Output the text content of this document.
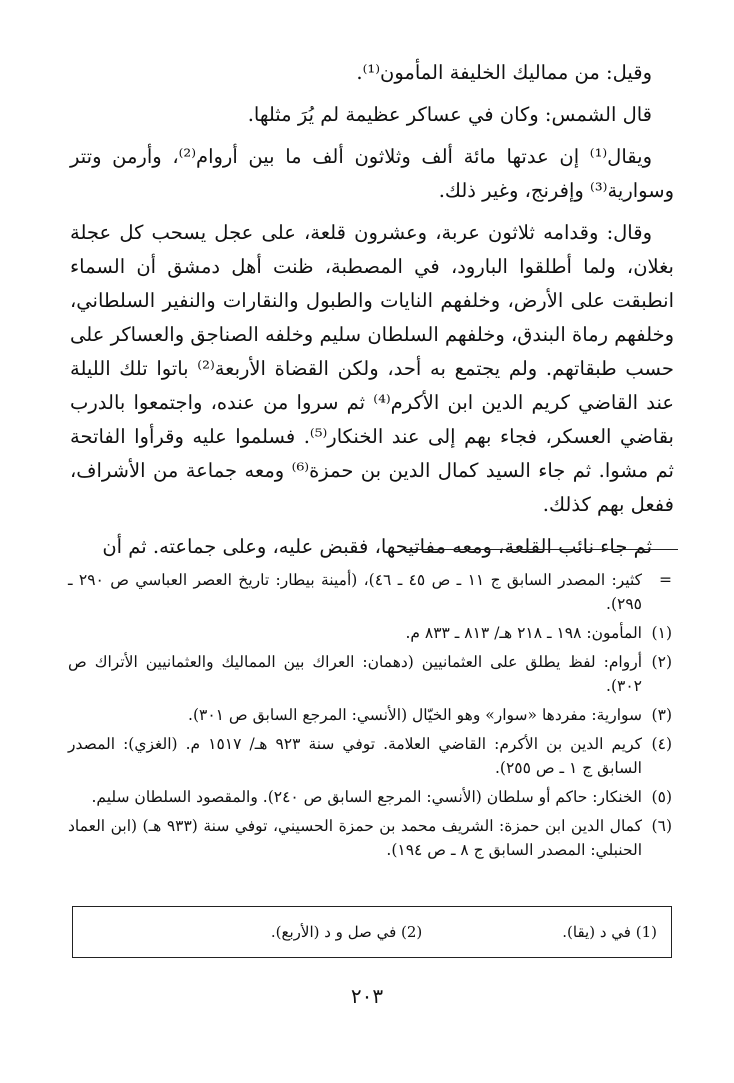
وقيل: من مماليك الخليفة المأمون⁽¹⁾.

قال الشمس: وكان في عساكر عظيمة لم يُرَ مثلها.

ويقال⁽¹⁾ إن عدتها مائة ألف وثلاثون ألف ما بين أروام⁽²⁾، وأرمن وتتر وسوارية⁽³⁾ وإفرنج، وغير ذلك.

وقال: وقدامه ثلاثون عربة، وعشرون قلعة، على عجل يسحب كل عجلة بغلان، ولما أطلقوا البارود، في المصطبة، ظنت أهل دمشق أن السماء انطبقت على الأرض، وخلفهم النايات والطبول والنقارات والنفير السلطاني، وخلفهم رماة البندق، وخلفهم السلطان سليم وخلفه الصناجق والعساكر على حسب طبقاتهم. ولم يجتمع به أحد، ولكن القضاة الأربعة⁽²⁾ باتوا تلك الليلة عند القاضي كريم الدين ابن الأكرم⁽⁴⁾ ثم سروا من عنده، واجتمعوا بالدرب بقاضي العسكر، فجاء بهم إلى عند الخنكار⁽⁵⁾. فسلموا عليه وقرأوا الفاتحة ثم مشوا. ثم جاء السيد كمال الدين بن حمزة⁽⁶⁾ ومعه جماعة من الأشراف، ففعل بهم كذلك.

ثم جاء نائب القلعة، ومعه مفاتيحها، فقبض عليه، وعلى جماعته. ثم أن

=
كثير: المصدر السابق ج ١١ ـ ص ٤٥ ـ ٤٦)، (أمينة بيطار: تاريخ العصر العباسي ص ٢٩٠ ـ ٢٩٥).
(١)
المأمون: ١٩٨ ـ ٢١٨ هـ/ ٨١٣ ـ ٨٣٣ م.
(٢)
أروام: لفظ يطلق على العثمانيين (دهمان: العراك بين المماليك والعثمانيين الأتراك ص ٣٠٢).
(٣)
سوارية: مفردها «سوار» وهو الخيّال (الأنسي: المرجع السابق ص ٣٠١).
(٤)
كريم الدين بن الأكرم: القاضي العلامة. توفي سنة ٩٢٣ هـ/ ١٥١٧ م. (الغزي): المصدر السابق ج ١ ـ ص ٢٥٥).
(٥)
الخنكار: حاكم أو سلطان (الأنسي: المرجع السابق ص ٢٤٠). والمقصود السلطان سليم.
(٦)
كمال الدين ابن حمزة: الشريف محمد بن حمزة الحسيني، توفي سنة (٩٣٣ هـ) (ابن العماد الحنبلي: المصدر السابق ج ٨ ـ ص ١٩٤).
(1) في د (يقا).
(2) في صل و د (الأربع).
٢٠٣
